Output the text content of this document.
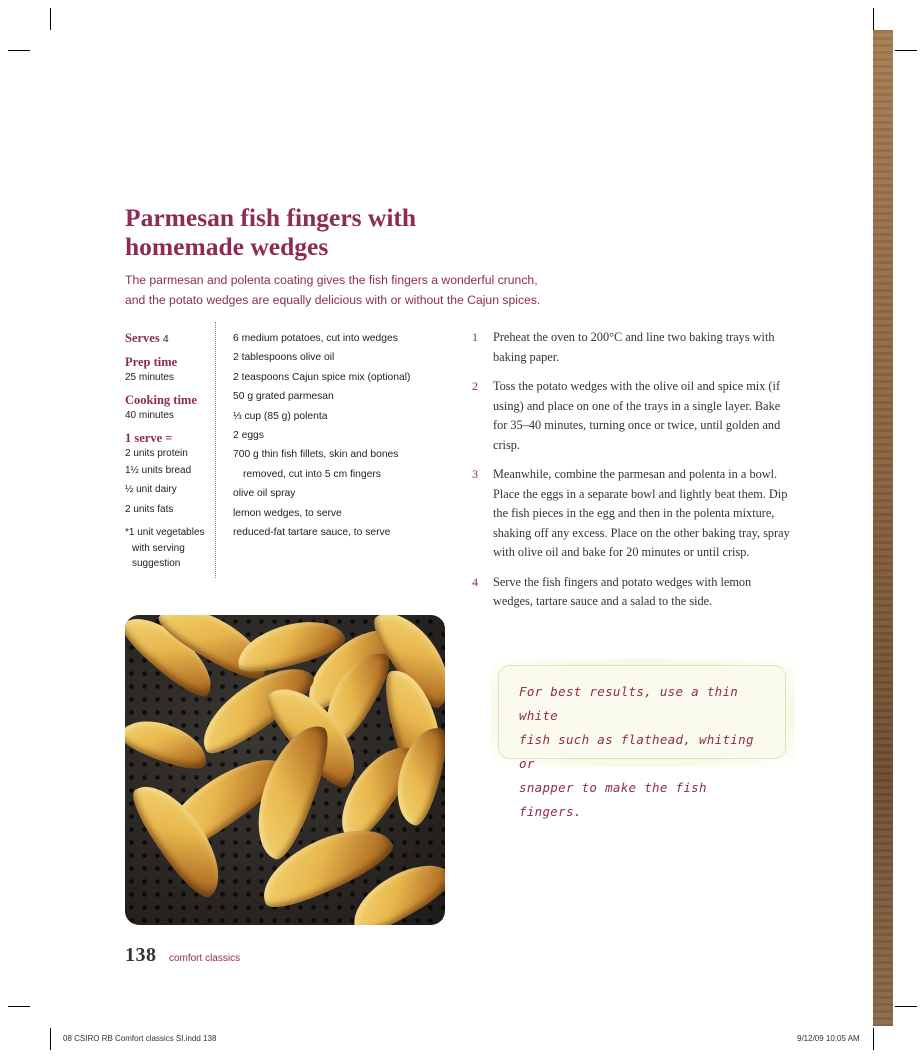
Parmesan fish fingers with
homemade wedges

The parmesan and polenta coating gives the fish fingers a wonderful crunch,
and the potato wedges are equally delicious with or without the Cajun spices.

Serves 4
Prep time
25 minutes
Cooking time
40 minutes
1 serve =
2 units protein
1½ units bread
½ unit dairy
2 units fats
*1 unit vegetables
with serving
suggestion
6 medium potatoes, cut into wedges
2 tablespoons olive oil
2 teaspoons Cajun spice mix (optional)
50 g grated parmesan
⅓ cup (85 g) polenta
2 eggs
700 g thin fish fillets, skin and bones
removed, cut into 5 cm fingers
olive oil spray
lemon wedges, to serve
reduced-fat tartare sauce, to serve
1 Preheat the oven to 200°C and line two baking trays with baking paper.
2 Toss the potato wedges with the olive oil and spice mix (if using) and place on one of the trays in a single layer. Bake for 35–40 minutes, turning once or twice, until golden and crisp.
3 Meanwhile, combine the parmesan and polenta in a bowl. Place the eggs in a separate bowl and lightly beat them. Dip the fish pieces in the egg and then in the polenta mixture, shaking off any excess. Place on the other baking tray, spray with olive oil and bake for 20 minutes or until crisp.
4 Serve the fish fingers and potato wedges with lemon wedges, tartare sauce and a salad to the side.

For best results, use a thin white
fish such as flathead, whiting or
snapper to make the fish fingers.

138 comfort classics
08 CSIRO RB Comfort classics SI.indd 138	9/12/09 10:05 AM
